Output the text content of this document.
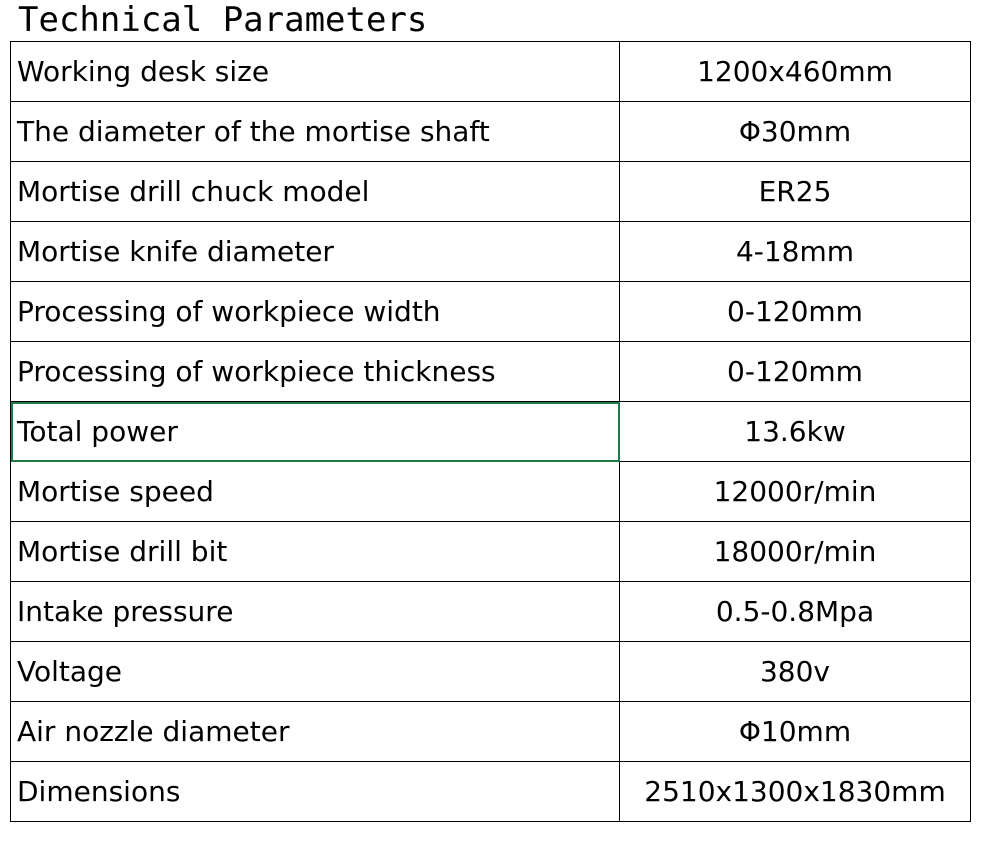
Technical Parameters
Working desk size	1200x460mm
The diameter of the mortise shaft	Φ30mm
Mortise drill chuck model	ER25
Mortise knife diameter	4-18mm
Processing of workpiece width	0-120mm
Processing of workpiece thickness	0-120mm
Total power	13.6kw
Mortise speed	12000r/min
Mortise drill bit	18000r/min
Intake pressure	0.5-0.8Mpa
Voltage	380v
Air nozzle diameter	Φ10mm
Dimensions	2510x1300x1830mm
